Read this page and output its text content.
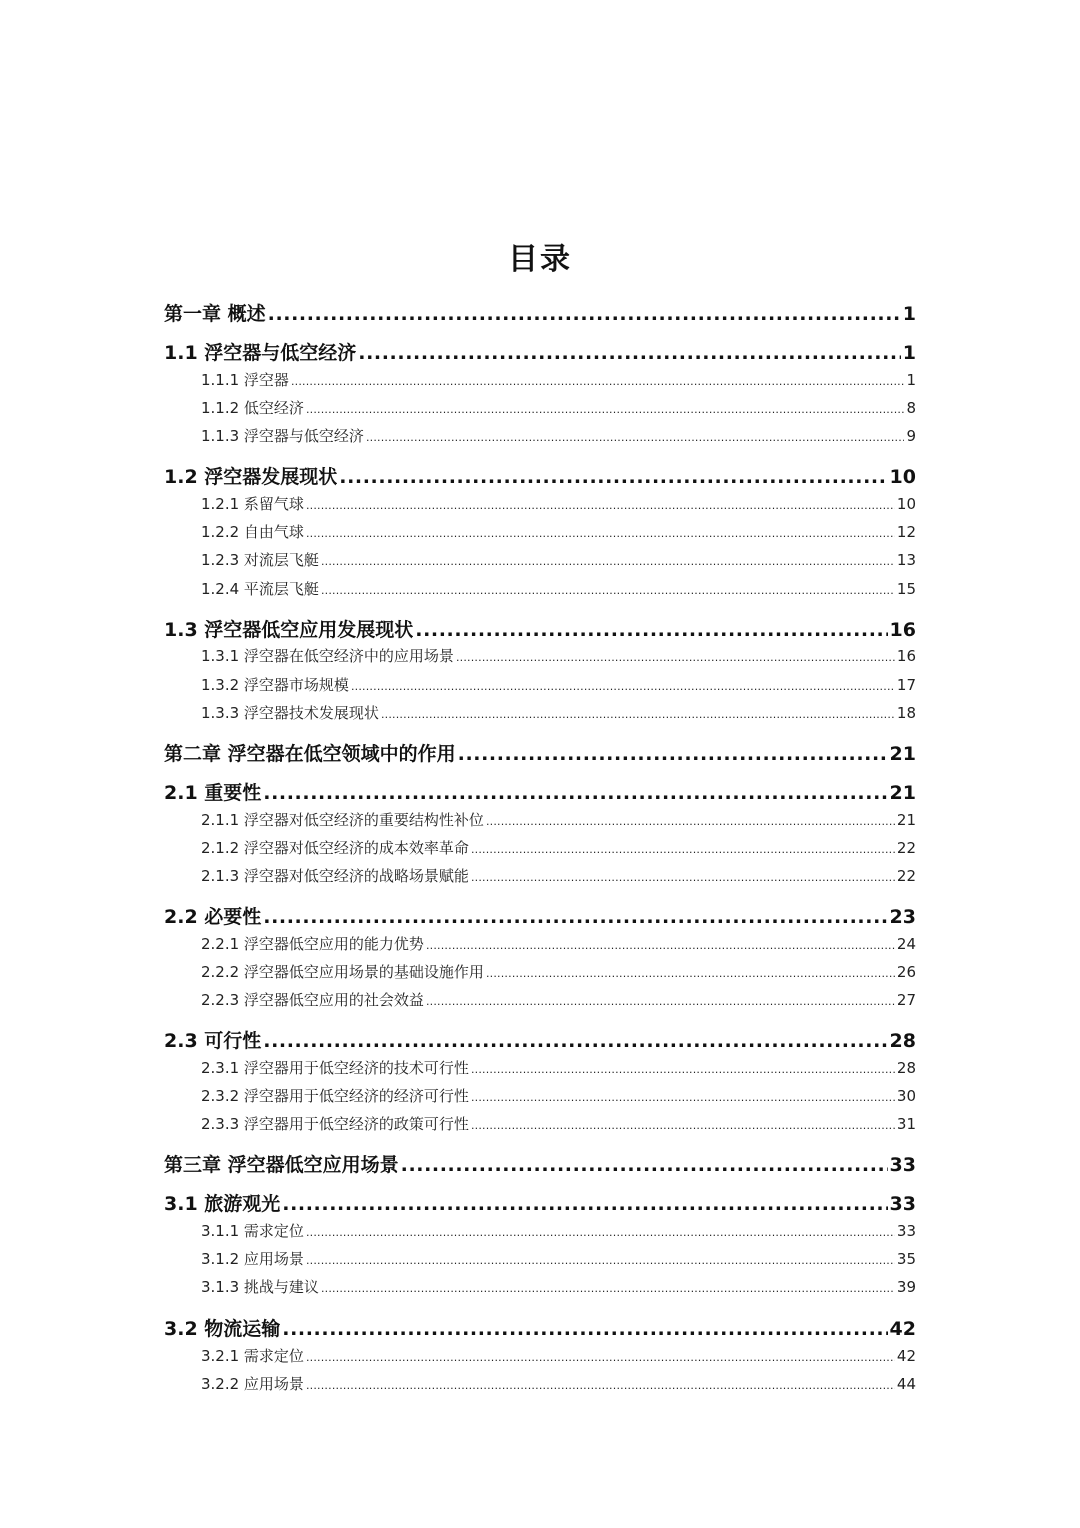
目录
第一章 概述 .....	1
1.1 浮空器与低空经济 .....	1
1.1.1 浮空器 .....	1
1.1.2 低空经济 .....	8
1.1.3 浮空器与低空经济 .....	9
1.2 浮空器发展现状 .....	10
1.2.1 系留气球 .....	10
1.2.2 自由气球 .....	12
1.2.3 对流层飞艇 .....	13
1.2.4 平流层飞艇 .....	15
1.3 浮空器低空应用发展现状 .....	16
1.3.1 浮空器在低空经济中的应用场景 .....	16
1.3.2 浮空器市场规模 .....	17
1.3.3 浮空器技术发展现状 .....	18
第二章 浮空器在低空领域中的作用 .....	21
2.1 重要性 .....	21
2.1.1 浮空器对低空经济的重要结构性补位 .....	21
2.1.2 浮空器对低空经济的成本效率革命 .....	22
2.1.3 浮空器对低空经济的战略场景赋能 .....	22
2.2 必要性 .....	23
2.2.1 浮空器低空应用的能力优势 .....	24
2.2.2 浮空器低空应用场景的基础设施作用 .....	26
2.2.3 浮空器低空应用的社会效益 .....	27
2.3 可行性 .....	28
2.3.1 浮空器用于低空经济的技术可行性 .....	28
2.3.2 浮空器用于低空经济的经济可行性 .....	30
2.3.3 浮空器用于低空经济的政策可行性 .....	31
第三章 浮空器低空应用场景 .....	33
3.1 旅游观光 .....	33
3.1.1 需求定位 .....	33
3.1.2 应用场景 .....	35
3.1.3 挑战与建议 .....	39
3.2 物流运输 .....	42
3.2.1 需求定位 .....	42
3.2.2 应用场景 .....	44
